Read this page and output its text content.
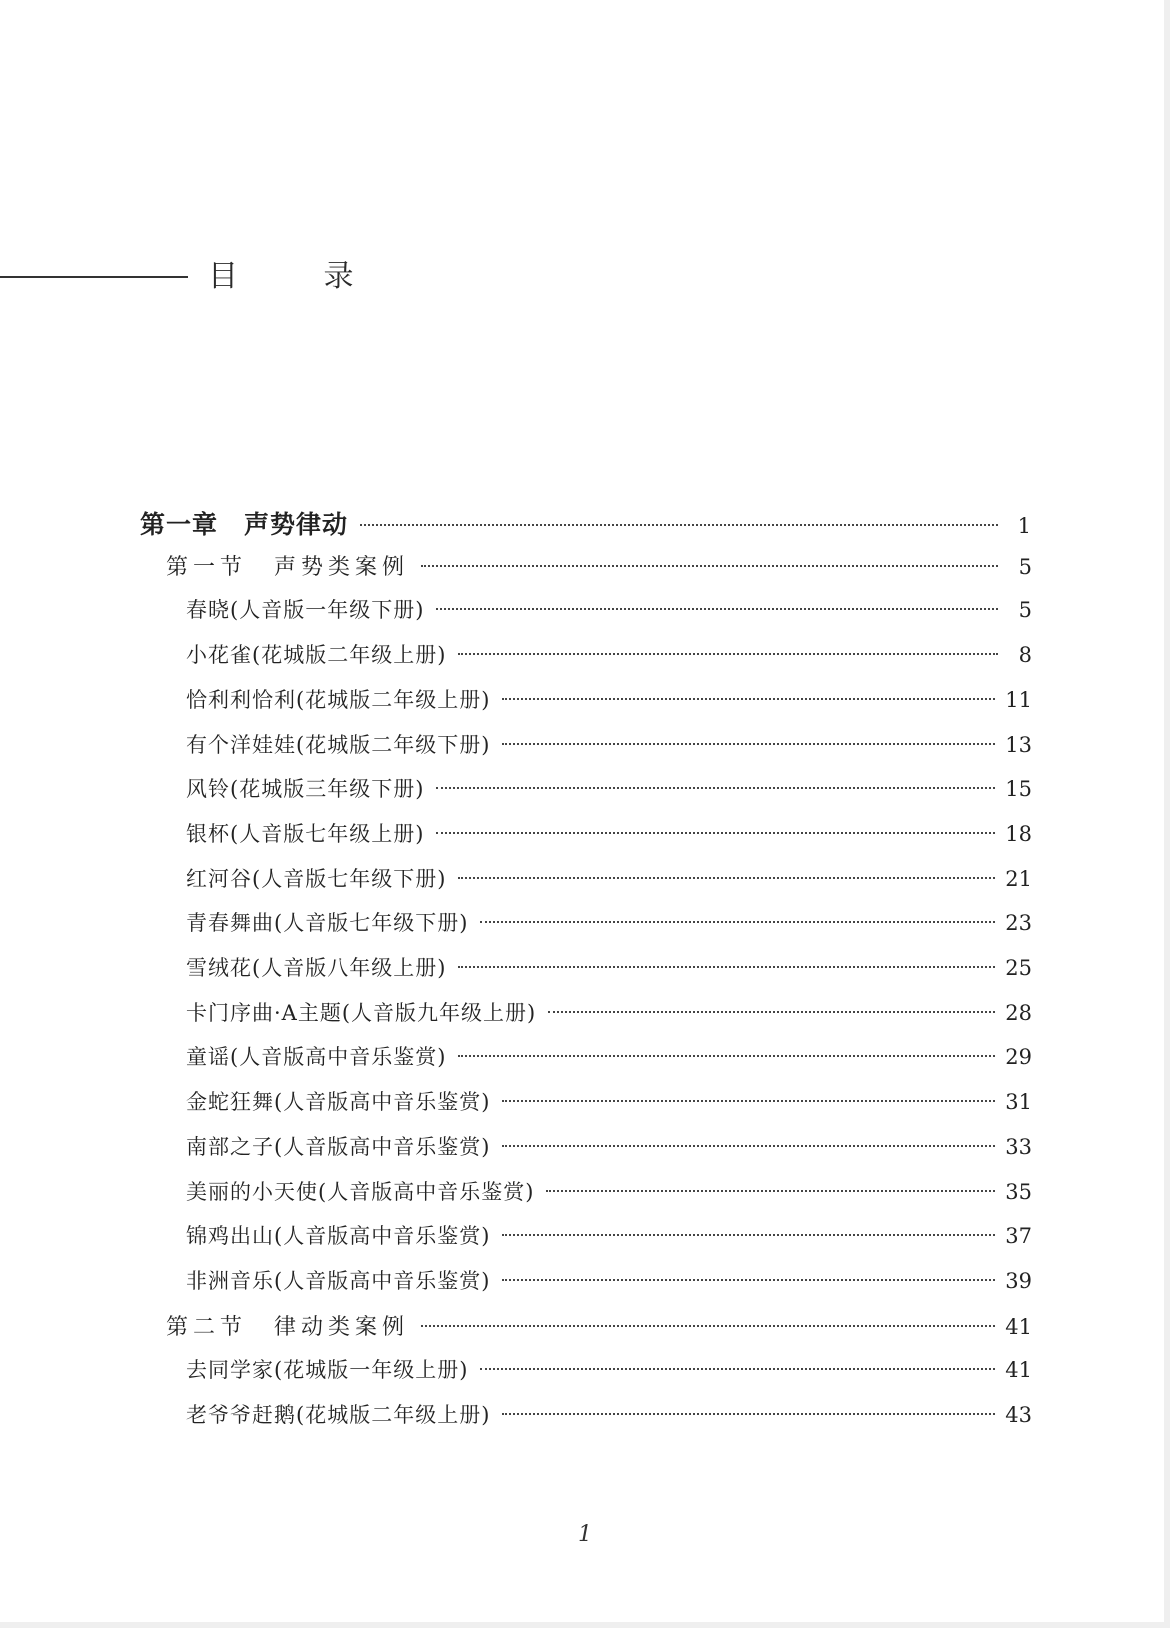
目 录
第一章　声势律动	1
第一节　声势类案例	5
春晓(人音版一年级下册)	5
小花雀(花城版二年级上册)	8
恰利利恰利(花城版二年级上册)	11
有个洋娃娃(花城版二年级下册)	13
风铃(花城版三年级下册)	15
银杯(人音版七年级上册)	18
红河谷(人音版七年级下册)	21
青春舞曲(人音版七年级下册)	23
雪绒花(人音版八年级上册)	25
卡门序曲·A主题(人音版九年级上册)	28
童谣(人音版高中音乐鉴赏)	29
金蛇狂舞(人音版高中音乐鉴赏)	31
南部之子(人音版高中音乐鉴赏)	33
美丽的小天使(人音版高中音乐鉴赏)	35
锦鸡出山(人音版高中音乐鉴赏)	37
非洲音乐(人音版高中音乐鉴赏)	39
第二节　律动类案例	41
去同学家(花城版一年级上册)	41
老爷爷赶鹅(花城版二年级上册)	43
1
